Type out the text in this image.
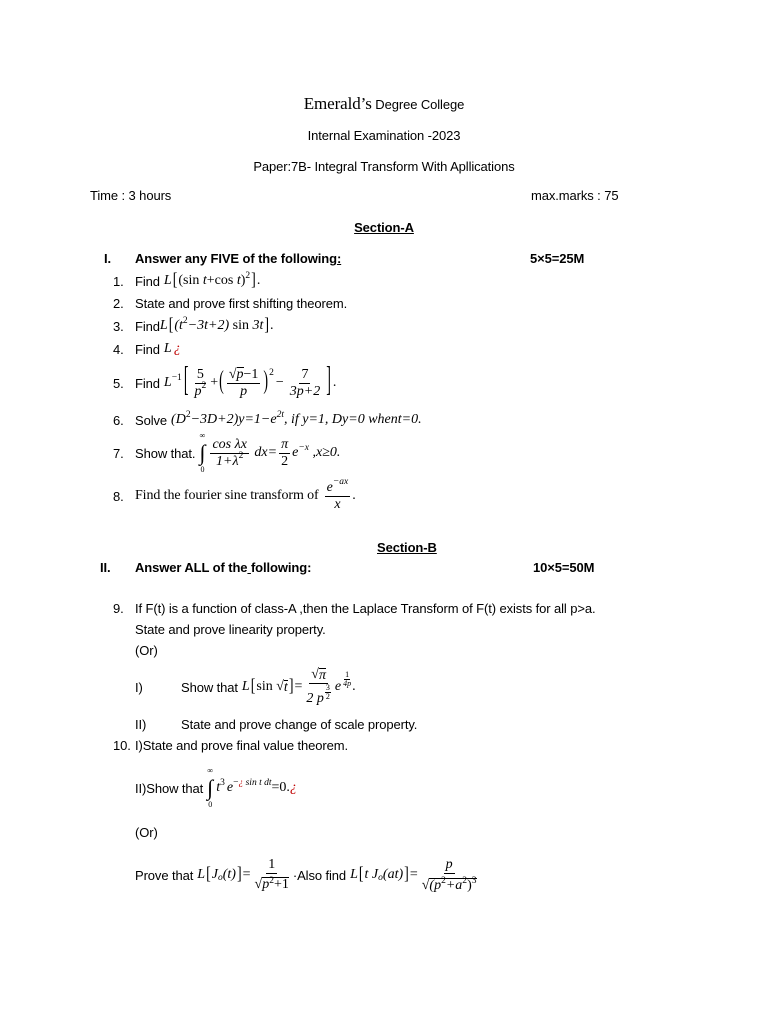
Emerald’s Degree College
Internal Examination -2023
Paper:7B- Integral Transform With Apllications
Time : 3 hours	max.marks : 75
Section-A
I. Answer any FIVE of the following:	5×5=25M
1. Find L [ ( sin t + cos t ) 2 ] .
2. State and prove first shifting theorem.
3. Find L [ (t 2 −3t+2) sin 3t ] .
4. Find L ¿
5. Find L −1 [ $\frac{5}{p 2}$ + ( $\frac{√ p -1}{p}$ ) 2
− $\frac{7}{3p+2}$ ] .
6. Solve (D 2 −3D+2)y=1−e 2t , if y=1, Dy=0 whent=0.
7. Show that.
∞
∫
$0 \frac{\text{cos λx}}{1+\lambda 2} dx= \frac{\pi}{2}$ e −x ,x≥0.
8. Find the fourier sine transform of $\frac{e -ax}{x}$ .
Section-B
II. Answer ALL of the following:	10×5=50M
9. If F(t) is a function of class-A ,then the Laplace Transform of F(t) exists for all p>a.
State and prove linearity property.
(Or)
I)	Show that L [ sin √ t ] = $\frac{√ \pi}{2 p \frac{3}{2}}$ e $\frac{1}{4p}$ .
II)	State and prove change of scale property.
10. I)State and prove final value theorem.
II)Show that
∞
∫
0
t 3 e − ¿ sin t dt =0. ¿
(Or)
Prove that L [ J o (t) ] = $\frac{1}{√ p^2+1}$ ·Also find L [ t J o (at) ] = $\frac{p}{√ (p^2+a^2)^3}$
